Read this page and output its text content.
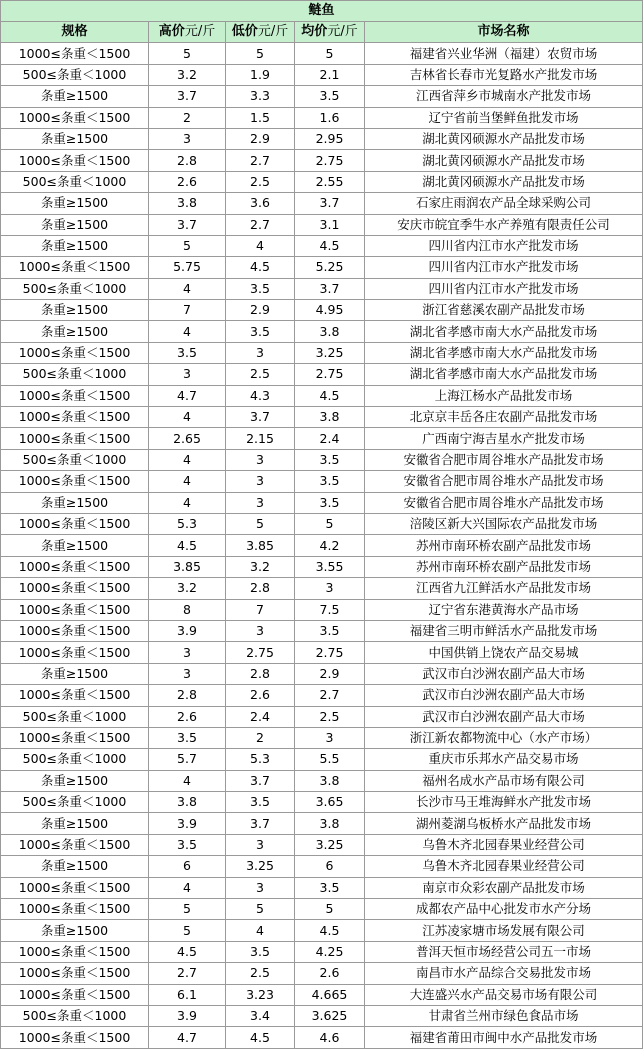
鲢鱼				
规格	高价元/斤	低价元/斤	均价元/斤	市场名称
1000≤条重＜1500	5	5	5	福建省兴业华洲（福建）农贸市场
500≤条重＜1000	3.2	1.9	2.1	吉林省长春市光复路水产批发市场
条重≥1500	3.7	3.3	3.5	江西省萍乡市城南水产批发市场
1000≤条重＜1500	2	1.5	1.6	辽宁省前当堡鲜鱼批发市场
条重≥1500	3	2.9	2.95	湖北黄冈硕源水产品批发市场
1000≤条重＜1500	2.8	2.7	2.75	湖北黄冈硕源水产品批发市场
500≤条重＜1000	2.6	2.5	2.55	湖北黄冈硕源水产品批发市场
条重≥1500	3.8	3.6	3.7	石家庄雨润农产品全球采购公司
条重≥1500	3.7	2.7	3.1	安庆市皖宜季牛水产养殖有限责任公司
条重≥1500	5	4	4.5	四川省内江市水产批发市场
1000≤条重＜1500	5.75	4.5	5.25	四川省内江市水产批发市场
500≤条重＜1000	4	3.5	3.7	四川省内江市水产批发市场
条重≥1500	7	2.9	4.95	浙江省慈溪农副产品批发市场
条重≥1500	4	3.5	3.8	湖北省孝感市南大水产品批发市场
1000≤条重＜1500	3.5	3	3.25	湖北省孝感市南大水产品批发市场
500≤条重＜1000	3	2.5	2.75	湖北省孝感市南大水产品批发市场
1000≤条重＜1500	4.7	4.3	4.5	上海江杨水产品批发市场
1000≤条重＜1500	4	3.7	3.8	北京京丰岳各庄农副产品批发市场
1000≤条重＜1500	2.65	2.15	2.4	广西南宁海吉星水产批发市场
500≤条重＜1000	4	3	3.5	安徽省合肥市周谷堆水产品批发市场
1000≤条重＜1500	4	3	3.5	安徽省合肥市周谷堆水产品批发市场
条重≥1500	4	3	3.5	安徽省合肥市周谷堆水产品批发市场
1000≤条重＜1500	5.3	5	5	涪陵区新大兴国际农产品批发市场
条重≥1500	4.5	3.85	4.2	苏州市南环桥农副产品批发市场
1000≤条重＜1500	3.85	3.2	3.55	苏州市南环桥农副产品批发市场
1000≤条重＜1500	3.2	2.8	3	江西省九江鲜活水产品批发市场
1000≤条重＜1500	8	7	7.5	辽宁省东港黄海水产品市场
1000≤条重＜1500	3.9	3	3.5	福建省三明市鲜活水产品批发市场
1000≤条重＜1500	3	2.75	2.75	中国供销上饶农产品交易城
条重≥1500	3	2.8	2.9	武汉市白沙洲农副产品大市场
1000≤条重＜1500	2.8	2.6	2.7	武汉市白沙洲农副产品大市场
500≤条重＜1000	2.6	2.4	2.5	武汉市白沙洲农副产品大市场
1000≤条重＜1500	3.5	2	3	浙江新农都物流中心（水产市场）
500≤条重＜1000	5.7	5.3	5.5	重庆市乐邦水产品交易市场
条重≥1500	4	3.7	3.8	福州名成水产品市场有限公司
500≤条重＜1000	3.8	3.5	3.65	长沙市马王堆海鲜水产批发市场
条重≥1500	3.9	3.7	3.8	湖州菱湖乌板桥水产品批发市场
1000≤条重＜1500	3.5	3	3.25	乌鲁木齐北园春果业经营公司
条重≥1500	6	3.25	6	乌鲁木齐北园春果业经营公司
1000≤条重＜1500	4	3	3.5	南京市众彩农副产品批发市场
1000≤条重＜1500	5	5	5	成都农产品中心批发市水产分场
条重≥1500	5	4	4.5	江苏凌家塘市场发展有限公司
1000≤条重＜1500	4.5	3.5	4.25	普洱天恒市场经营公司五一市场
1000≤条重＜1500	2.7	2.5	2.6	南昌市水产品综合交易批发市场
1000≤条重＜1500	6.1	3.23	4.665	大连盛兴水产品交易市场有限公司
500≤条重＜1000	3.9	3.4	3.625	甘肃省兰州市绿色食品市场
1000≤条重＜1500	4.7	4.5	4.6	福建省莆田市闽中水产品批发市场
